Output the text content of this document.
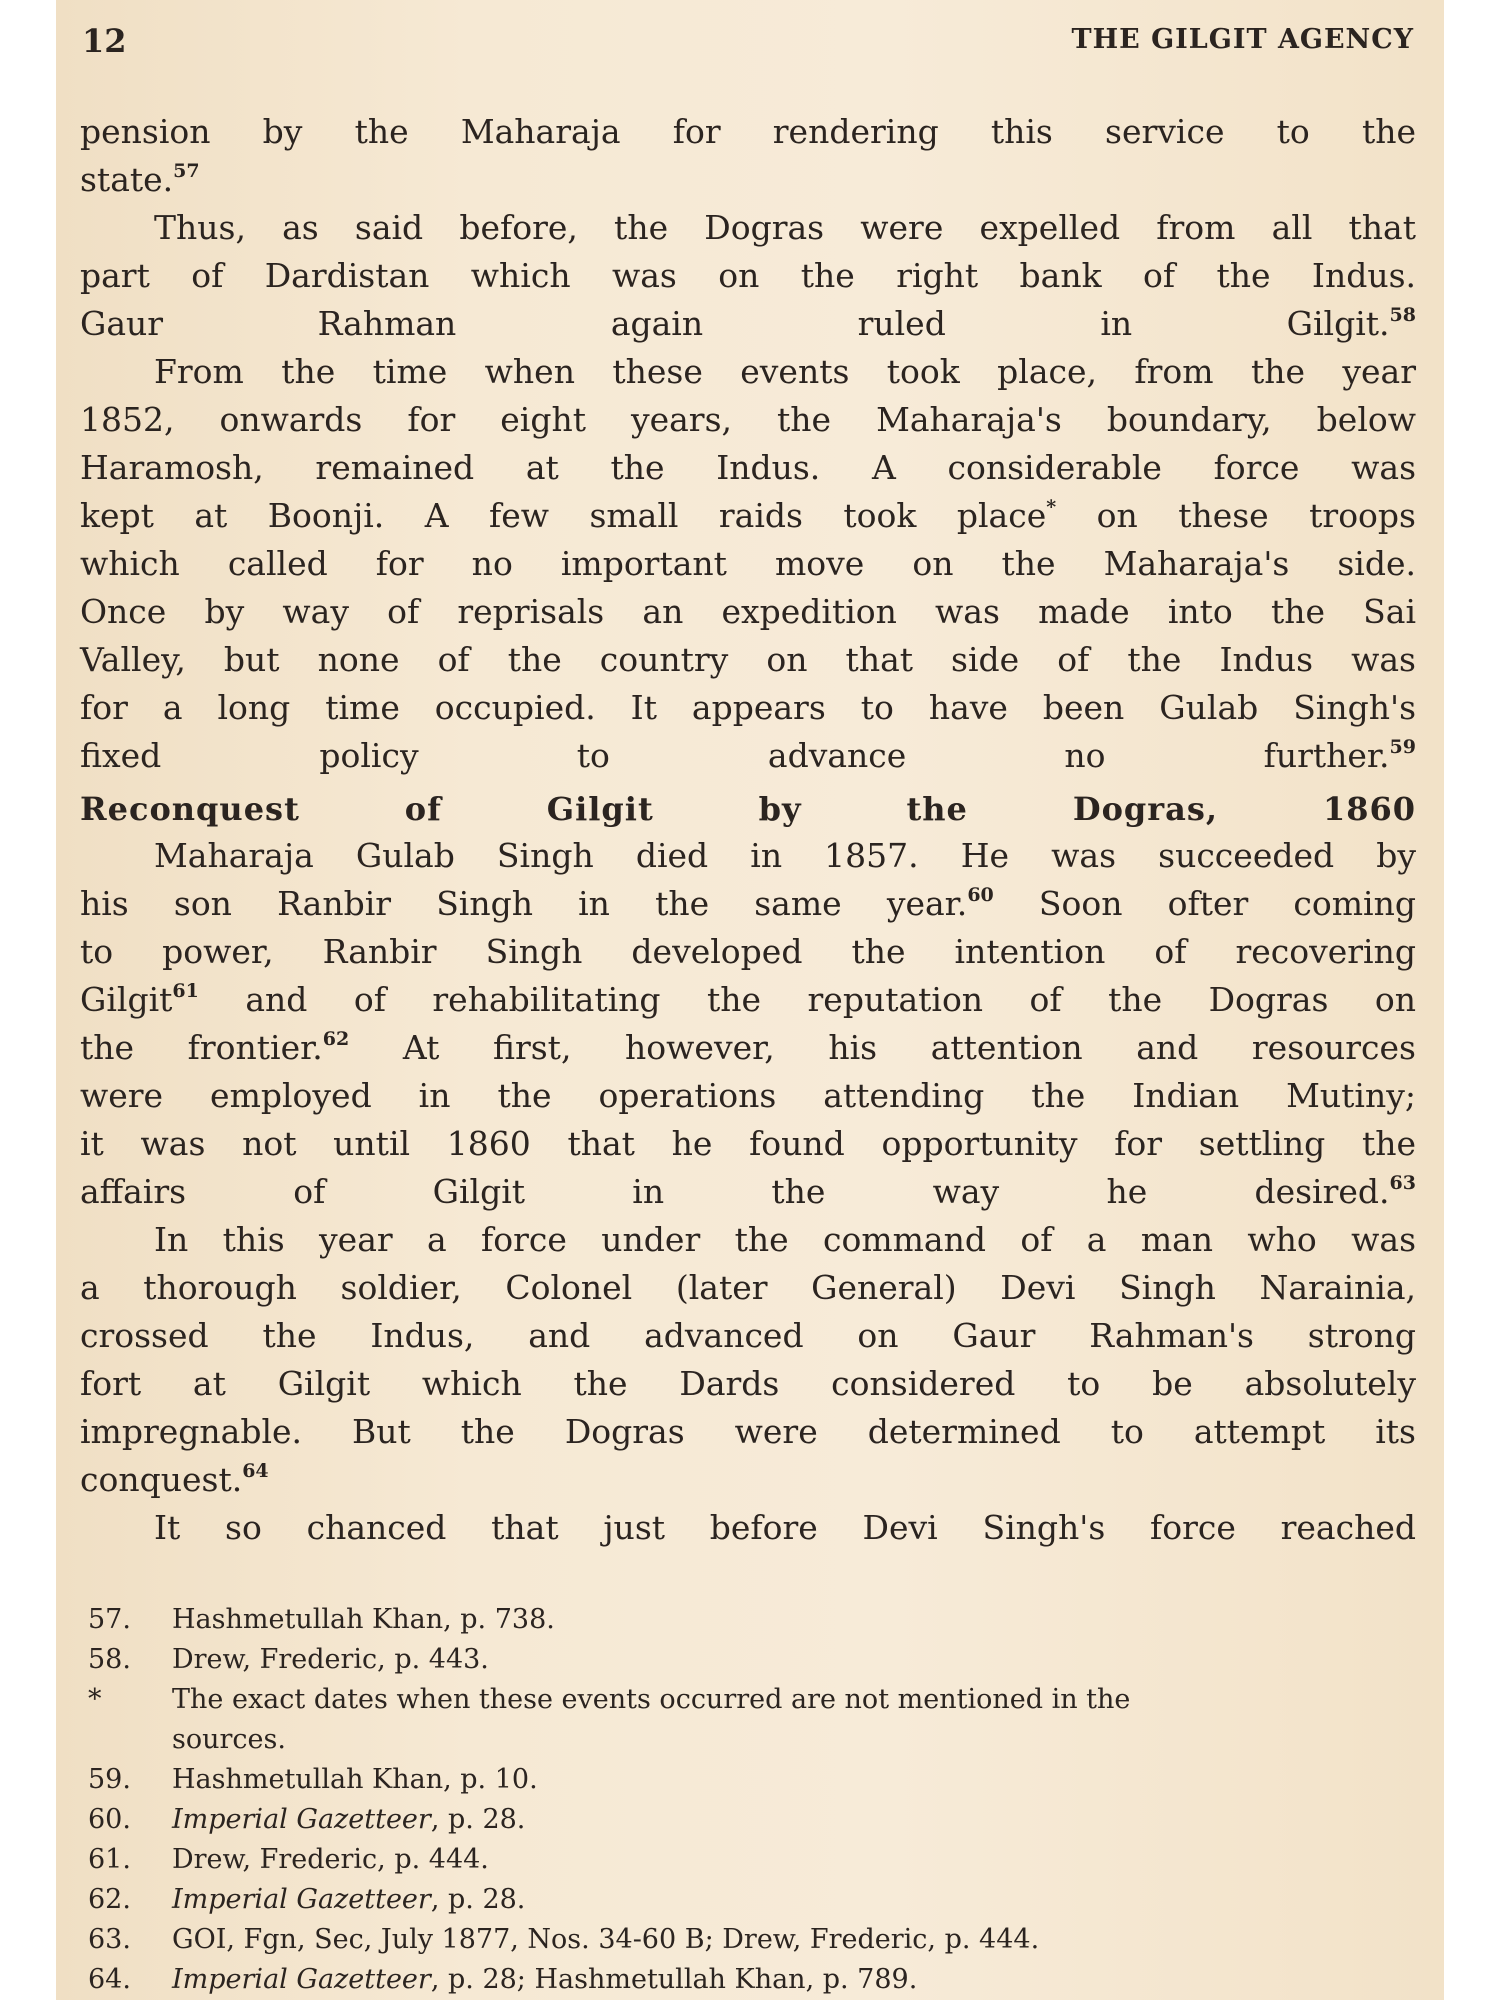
12	THE GILGIT AGENCY
pension by the Maharaja for rendering this service to the
state.$^{57}$
Thus, as said before, the Dogras were expelled from all that
part of Dardistan which was on the right bank of the Indus.
Gaur Rahman again ruled in Gilgit.$^{58}$
From the time when these events took place, from the year
1852, onwards for eight years, the Maharaja's boundary, below
Haramosh, remained at the Indus. A considerable force was
kept at Boonji. A few small raids took place* on these troops
which called for no important move on the Maharaja's side.
Once by way of reprisals an expedition was made into the Sai
Valley, but none of the country on that side of the Indus was
for a long time occupied. It appears to have been Gulab Singh's
fixed policy to advance no further.$^{59}$
Reconquest of Gilgit by the Dogras, 1860
Maharaja Gulab Singh died in 1857. He was succeeded by
his son Ranbir Singh in the same year.$^{60}$ Soon ofter coming
to power, Ranbir Singh developed the intention of recovering
Gilgit$^{61}$ and of rehabilitating the reputation of the Dogras on
the frontier.$^{62}$ At first, however, his attention and resources
were employed in the operations attending the Indian Mutiny;
it was not until 1860 that he found opportunity for settling the
affairs of Gilgit in the way he desired.$^{63}$
In this year a force under the command of a man who was
a thorough soldier, Colonel (later General) Devi Singh Narainia,
crossed the Indus, and advanced on Gaur Rahman's strong
fort at Gilgit which the Dards considered to be absolutely
impregnable. But the Dogras were determined to attempt its
conquest.$^{64}$
It so chanced that just before Devi Singh's force reached
57.	Hashmetullah Khan, p. 738.
58.	Drew, Frederic, p. 443.
*	The exact dates when these events occurred are not mentioned in the
sources.
59.	Hashmetullah Khan, p. 10.
60.	Imperial Gazetteer, p. 28.
61.	Drew, Frederic, p. 444.
62.	Imperial Gazetteer, p. 28.
63.	GOI, Fgn, Sec, July 1877, Nos. 34-60 B; Drew, Frederic, p. 444.
64.	Imperial Gazetteer, p. 28; Hashmetullah Khan, p. 789.
